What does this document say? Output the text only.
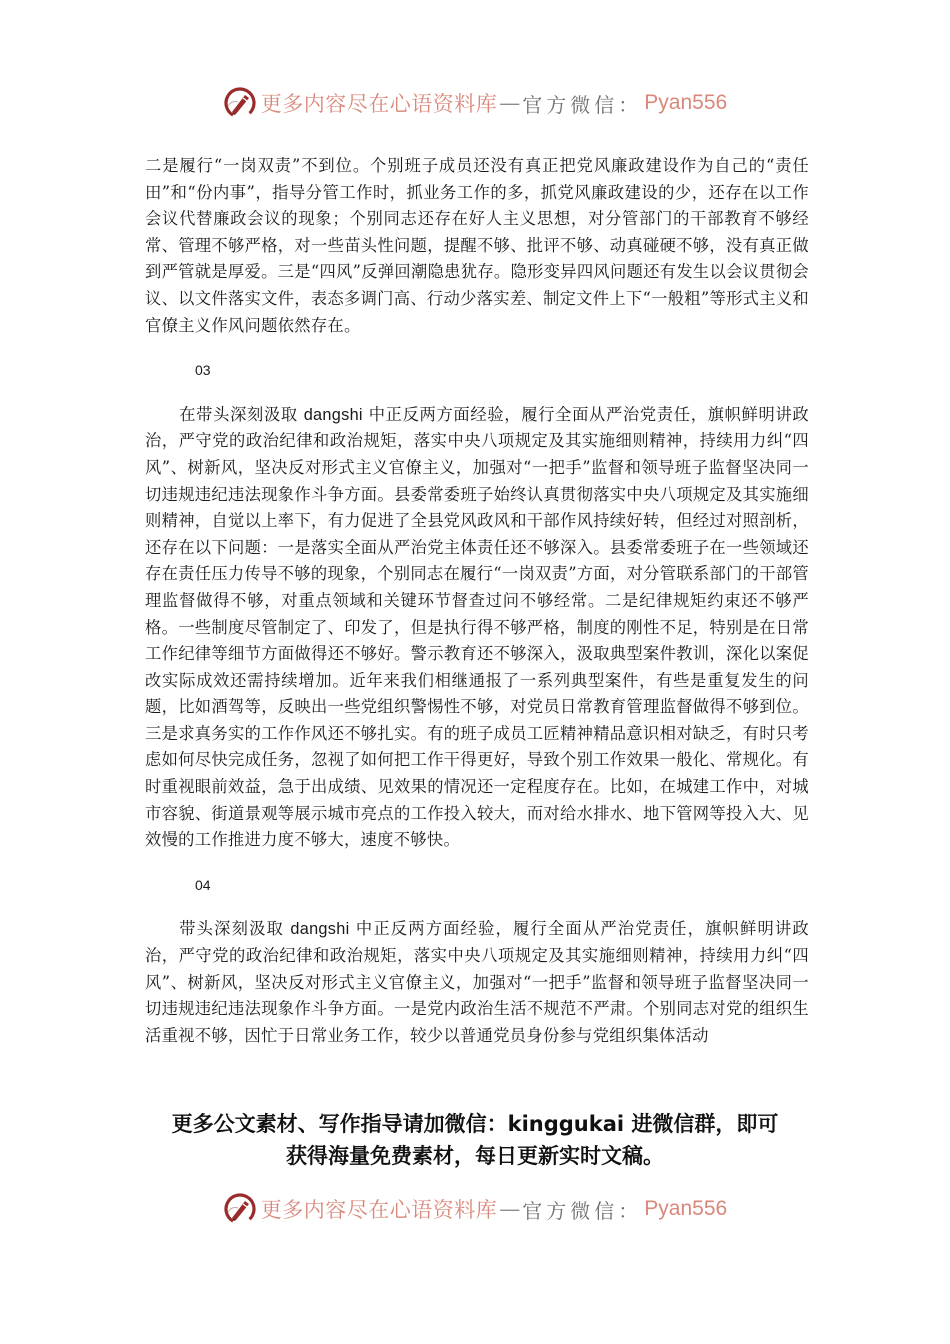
更多内容尽在心语资料库 — 官方微信： Pyan556

二是履行“一岗双责”不到位。个别班子成员还没有真正把党风廉政建设作为自己的“责任田”和“份内事”，指导分管工作时，抓业务工作的多，抓党风廉政建设的少，还存在以工作会议代替廉政会议的现象；个别同志还存在好人主义思想，对分管部门的干部教育不够经常、管理不够严格，对一些苗头性问题，提醒不够、批评不够、动真碰硬不够，没有真正做到严管就是厚爱。三是“四风”反弹回潮隐患犹存。隐形变异四风问题还有发生以会议贯彻会议、以文件落实文件，表态多调门高、行动少落实差、制定文件上下“一般粗”等形式主义和官僚主义作风问题依然存在。

03

在带头深刻汲取 dangshi 中正反两方面经验，履行全面从严治党责任，旗帜鲜明讲政治，严守党的政治纪律和政治规矩，落实中央八项规定及其实施细则精神，持续用力纠“四风”、树新风，坚决反对形式主义官僚主义，加强对“一把手”监督和领导班子监督坚决同一切违规违纪违法现象作斗争方面。县委常委班子始终认真贯彻落实中央八项规定及其实施细则精神，自觉以上率下，有力促进了全县党风政风和干部作风持续好转，但经过对照剖析，还存在以下问题：一是落实全面从严治党主体责任还不够深入。县委常委班子在一些领域还存在责任压力传导不够的现象，个别同志在履行“一岗双责”方面，对分管联系部门的干部管理监督做得不够，对重点领域和关键环节督查过问不够经常。二是纪律规矩约束还不够严格。一些制度尽管制定了、印发了，但是执行得不够严格，制度的刚性不足，特别是在日常工作纪律等细节方面做得还不够好。警示教育还不够深入，汲取典型案件教训，深化以案促改实际成效还需持续增加。近年来我们相继通报了一系列典型案件，有些是重复发生的问题，比如酒驾等，反映出一些党组织警惕性不够，对党员日常教育管理监督做得不够到位。三是求真务实的工作作风还不够扎实。有的班子成员工匠精神精品意识相对缺乏，有时只考虑如何尽快完成任务，忽视了如何把工作干得更好，导致个别工作效果一般化、常规化。有时重视眼前效益，急于出成绩、见效果的情况还一定程度存在。比如，在城建工作中，对城市容貌、街道景观等展示城市亮点的工作投入较大，而对给水排水、地下管网等投入大、见效慢的工作推进力度不够大，速度不够快。

04

带头深刻汲取 dangshi 中正反两方面经验，履行全面从严治党责任，旗帜鲜明讲政治，严守党的政治纪律和政治规矩，落实中央八项规定及其实施细则精神，持续用力纠“四风”、树新风，坚决反对形式主义官僚主义，加强对“一把手”监督和领导班子监督坚决同一切违规违纪违法现象作斗争方面。一是党内政治生活不规范不严肃。个别同志对党的组织生活重视不够，因忙于日常业务工作，较少以普通党员身份参与党组织集体活动

更多公文素材、写作指导请加微信：kinggukai 进微信群，即可
获得海量免费素材，每日更新实时文稿。
更多内容尽在心语资料库 — 官方微信： Pyan556
